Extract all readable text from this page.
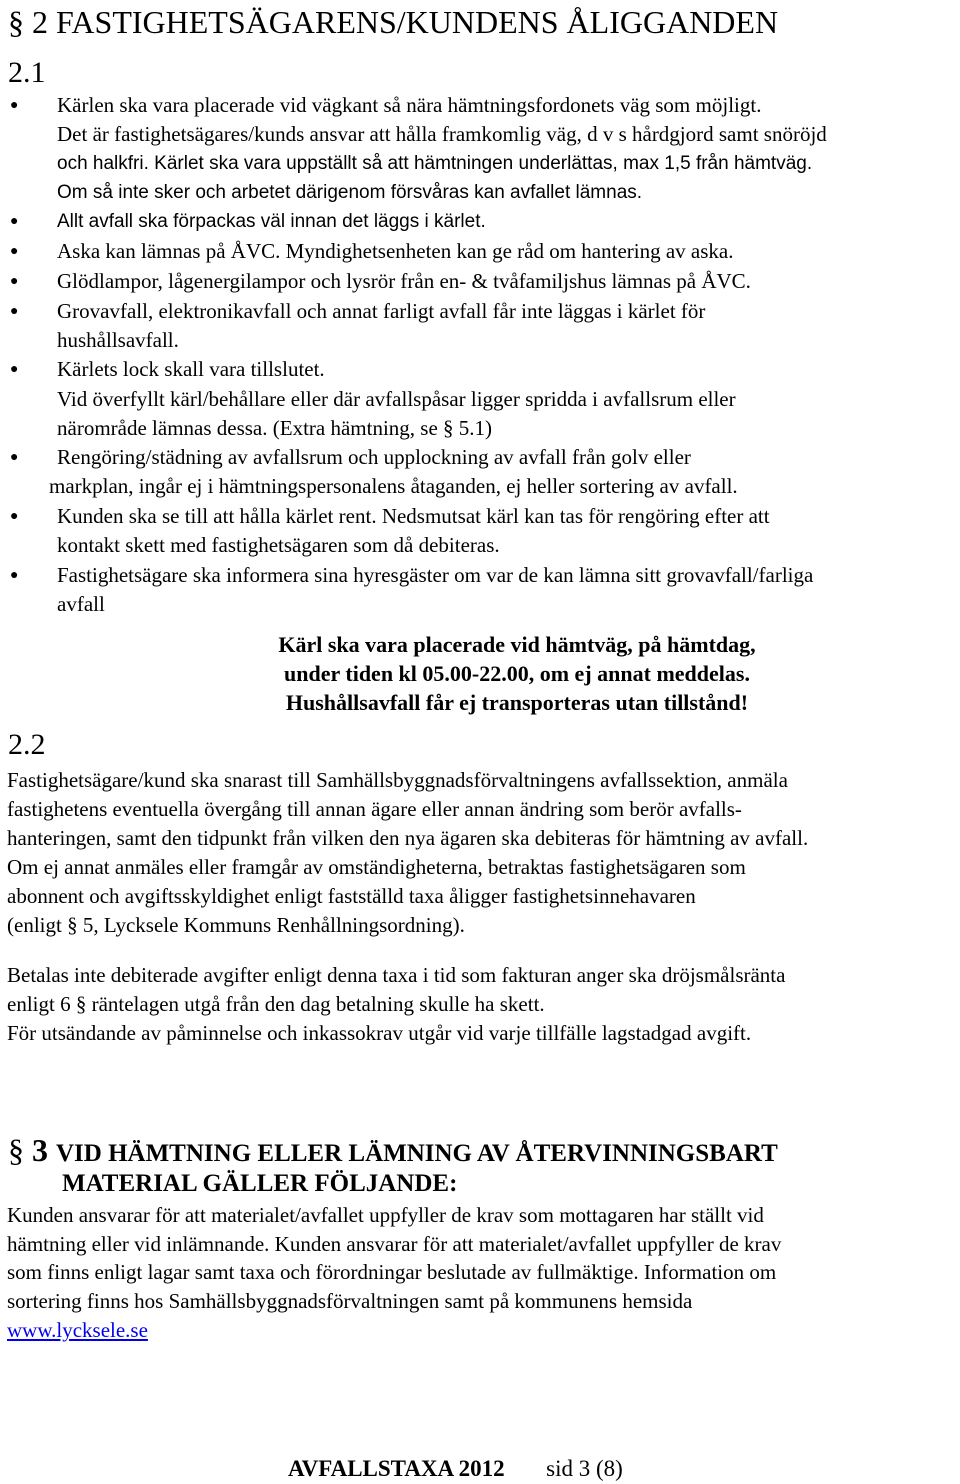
§ 2 FASTIGHETSÄGARENS/KUNDENS ÅLIGGANDEN
2.1
● Kärlen ska vara placerade vid vägkant så nära hämtningsfordonets väg som möjligt.
Det är fastighetsägares/kunds ansvar att hålla framkomlig väg, d v s hårdgjord samt snöröjd
och halkfri. Kärlet ska vara uppställt så att hämtningen underlättas, max 1,5 från hämtväg.
Om så inte sker och arbetet därigenom försvåras kan avfallet lämnas.
● Allt avfall ska förpackas väl innan det läggs i kärlet.
● Aska kan lämnas på ÅVC. Myndighetsenheten kan ge råd om hantering av aska.
● Glödlampor, lågenergilampor och lysrör från en- & tvåfamiljshus lämnas på ÅVC.
● Grovavfall, elektronikavfall och annat farligt avfall får inte läggas i kärlet för
hushållsavfall.
● Kärlets lock skall vara tillslutet.
Vid överfyllt kärl/behållare eller där avfallspåsar ligger spridda i avfallsrum eller
närområde lämnas dessa. (Extra hämtning, se § 5.1)
● Rengöring/städning av avfallsrum och upplockning av avfall från golv eller
markplan, ingår ej i hämtningspersonalens åtaganden, ej heller sortering av avfall.
● Kunden ska se till att hålla kärlet rent. Nedsmutsat kärl kan tas för rengöring efter att
kontakt skett med fastighetsägaren som då debiteras.
● Fastighetsägare ska informera sina hyresgäster om var de kan lämna sitt grovavfall/farliga
avfall
Kärl ska vara placerade vid hämtväg, på hämtdag,
under tiden kl 05.00-22.00, om ej annat meddelas.
Hushållsavfall får ej transporteras utan tillstånd!
2.2
Fastighetsägare/kund ska snarast till Samhällsbyggnadsförvaltningens avfallssektion, anmäla
fastighetens eventuella övergång till annan ägare eller annan ändring som berör avfalls-
hanteringen, samt den tidpunkt från vilken den nya ägaren ska debiteras för hämtning av avfall.
Om ej annat anmäles eller framgår av omständigheterna, betraktas fastighetsägaren som
abonnent och avgiftsskyldighet enligt fastställd taxa åligger fastighetsinnehavaren
(enligt § 5, Lycksele Kommuns Renhållningsordning).
Betalas inte debiterade avgifter enligt denna taxa i tid som fakturan anger ska dröjsmålsränta
enligt 6 § räntelagen utgå från den dag betalning skulle ha skett.
För utsändande av påminnelse och inkassokrav utgår vid varje tillfälle lagstadgad avgift.
§ 3 VID HÄMTNING ELLER LÄMNING AV ÅTERVINNINGSBART
MATERIAL GÄLLER FÖLJANDE:
Kunden ansvarar för att materialet/avfallet uppfyller de krav som mottagaren har ställt vid
hämtning eller vid inlämnande. Kunden ansvarar för att materialet/avfallet uppfyller de krav
som finns enligt lagar samt taxa och förordningar beslutade av fullmäktige. Information om
sortering finns hos Samhällsbyggnadsförvaltningen samt på kommunens hemsida
www.lycksele.se
AVFALLSTAXA 2012 sid 3 (8)
